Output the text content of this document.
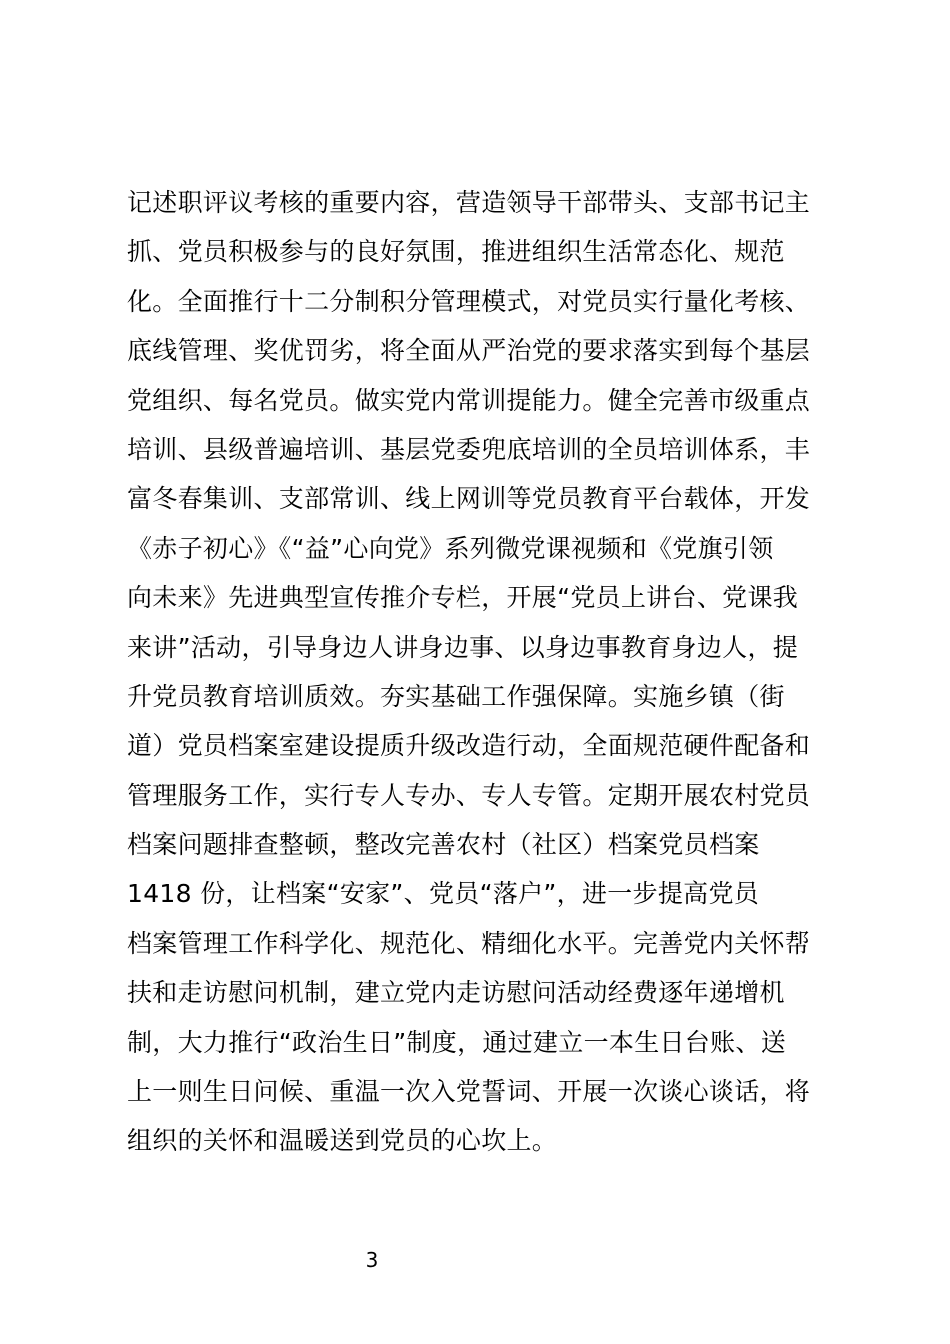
记述职评议考核的重要内容，营造领导干部带头、支部书记主
抓、党员积极参与的良好氛围，推进组织生活常态化、规范
化。全面推行十二分制积分管理模式，对党员实行量化考核、
底线管理、奖优罚劣，将全面从严治党的要求落实到每个基层
党组织、每名党员。做实党内常训提能力。健全完善市级重点
培训、县级普遍培训、基层党委兜底培训的全员培训体系，丰
富冬春集训、支部常训、线上网训等党员教育平台载体，开发
《赤子初心》《“益”心向党》系列微党课视频和《党旗引领
向未来》先进典型宣传推介专栏，开展“党员上讲台、党课我
来讲”活动，引导身边人讲身边事、以身边事教育身边人，提
升党员教育培训质效。夯实基础工作强保障。实施乡镇（街
道）党员档案室建设提质升级改造行动，全面规范硬件配备和
管理服务工作，实行专人专办、专人专管。定期开展农村党员
档案问题排查整顿，整改完善农村（社区）档案党员档案
1418 份，让档案“安家”、党员“落户”，进一步提高党员
档案管理工作科学化、规范化、精细化水平。完善党内关怀帮
扶和走访慰问机制，建立党内走访慰问活动经费逐年递增机
制，大力推行“政治生日”制度，通过建立一本生日台账、送
上一则生日问候、重温一次入党誓词、开展一次谈心谈话，将
组织的关怀和温暖送到党员的心坎上。
3
